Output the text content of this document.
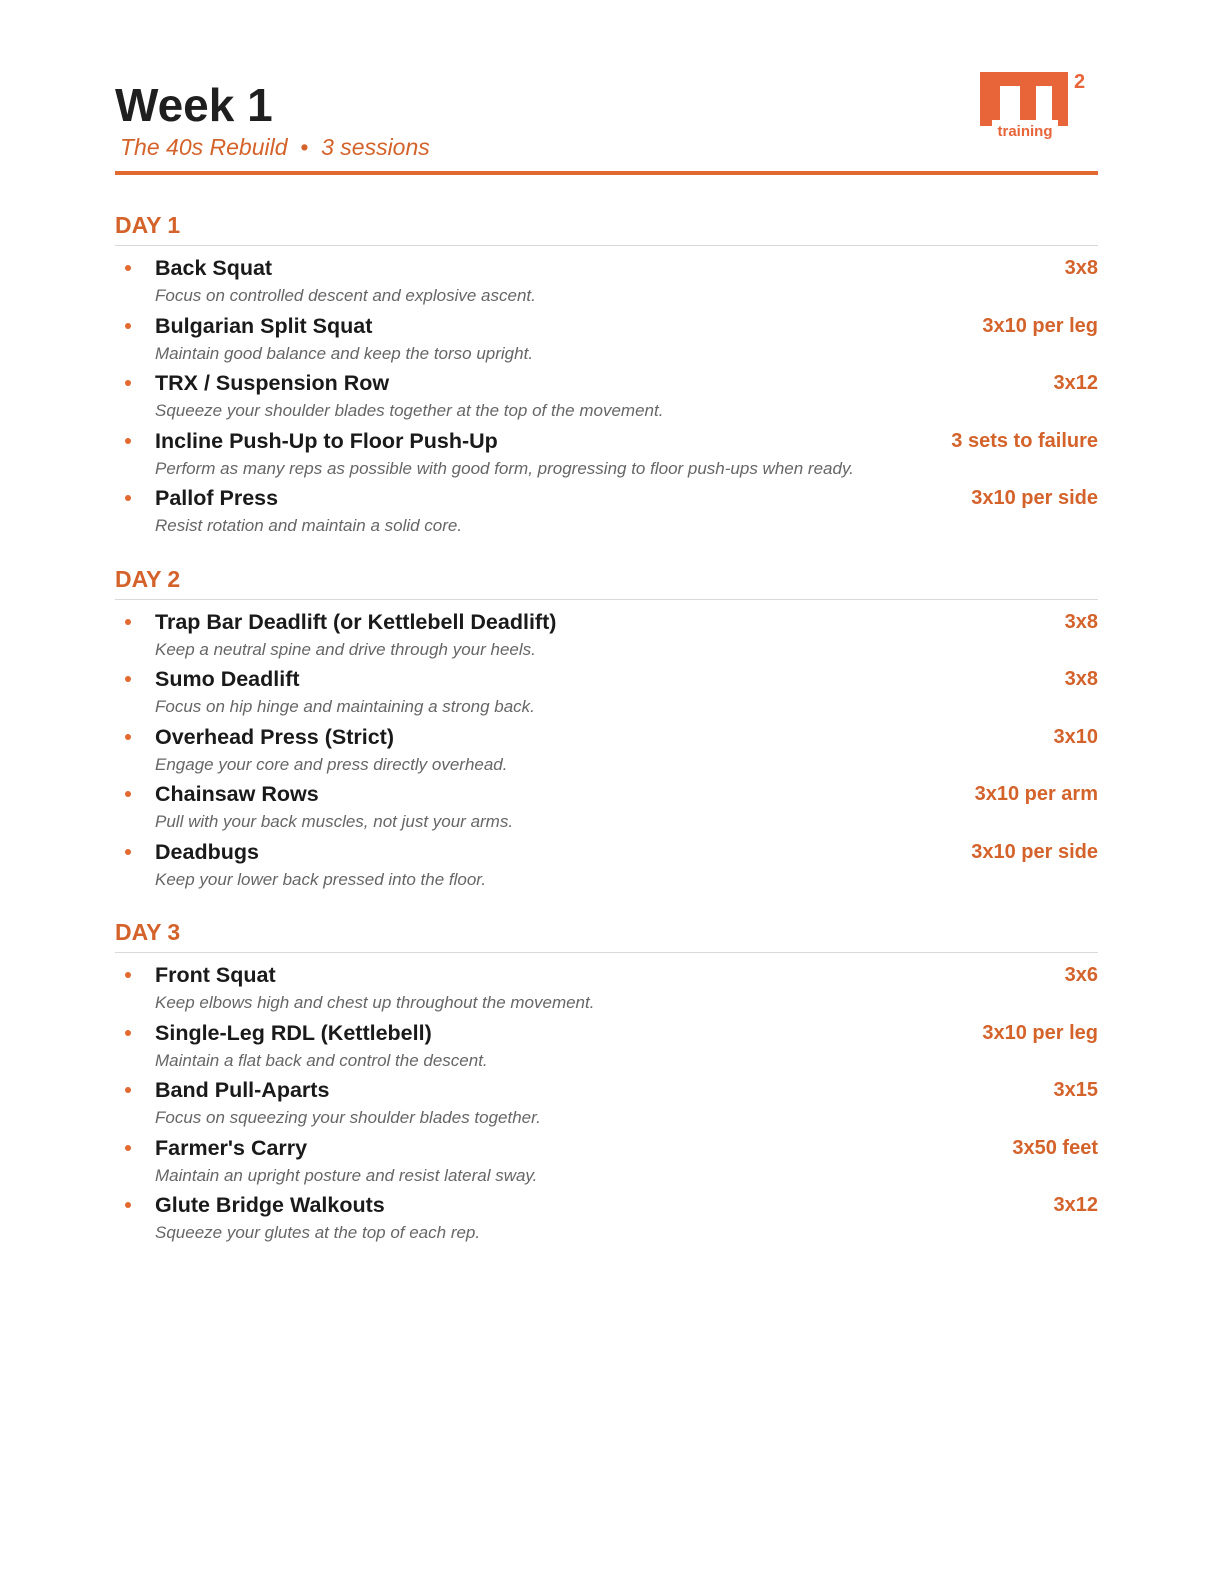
Week 1
The 40s Rebuild  •  3 sessions
2
training
DAY 1
Back Squat	3x8
Focus on controlled descent and explosive ascent.
Bulgarian Split Squat	3x10 per leg
Maintain good balance and keep the torso upright.
TRX / Suspension Row	3x12
Squeeze your shoulder blades together at the top of the movement.
Incline Push-Up to Floor Push-Up	3 sets to failure
Perform as many reps as possible with good form, progressing to floor push-ups when ready.
Pallof Press	3x10 per side
Resist rotation and maintain a solid core.
DAY 2
Trap Bar Deadlift (or Kettlebell Deadlift)	3x8
Keep a neutral spine and drive through your heels.
Sumo Deadlift	3x8
Focus on hip hinge and maintaining a strong back.
Overhead Press (Strict)	3x10
Engage your core and press directly overhead.
Chainsaw Rows	3x10 per arm
Pull with your back muscles, not just your arms.
Deadbugs	3x10 per side
Keep your lower back pressed into the floor.
DAY 3
Front Squat	3x6
Keep elbows high and chest up throughout the movement.
Single-Leg RDL (Kettlebell)	3x10 per leg
Maintain a flat back and control the descent.
Band Pull-Aparts	3x15
Focus on squeezing your shoulder blades together.
Farmer's Carry	3x50 feet
Maintain an upright posture and resist lateral sway.
Glute Bridge Walkouts	3x12
Squeeze your glutes at the top of each rep.
